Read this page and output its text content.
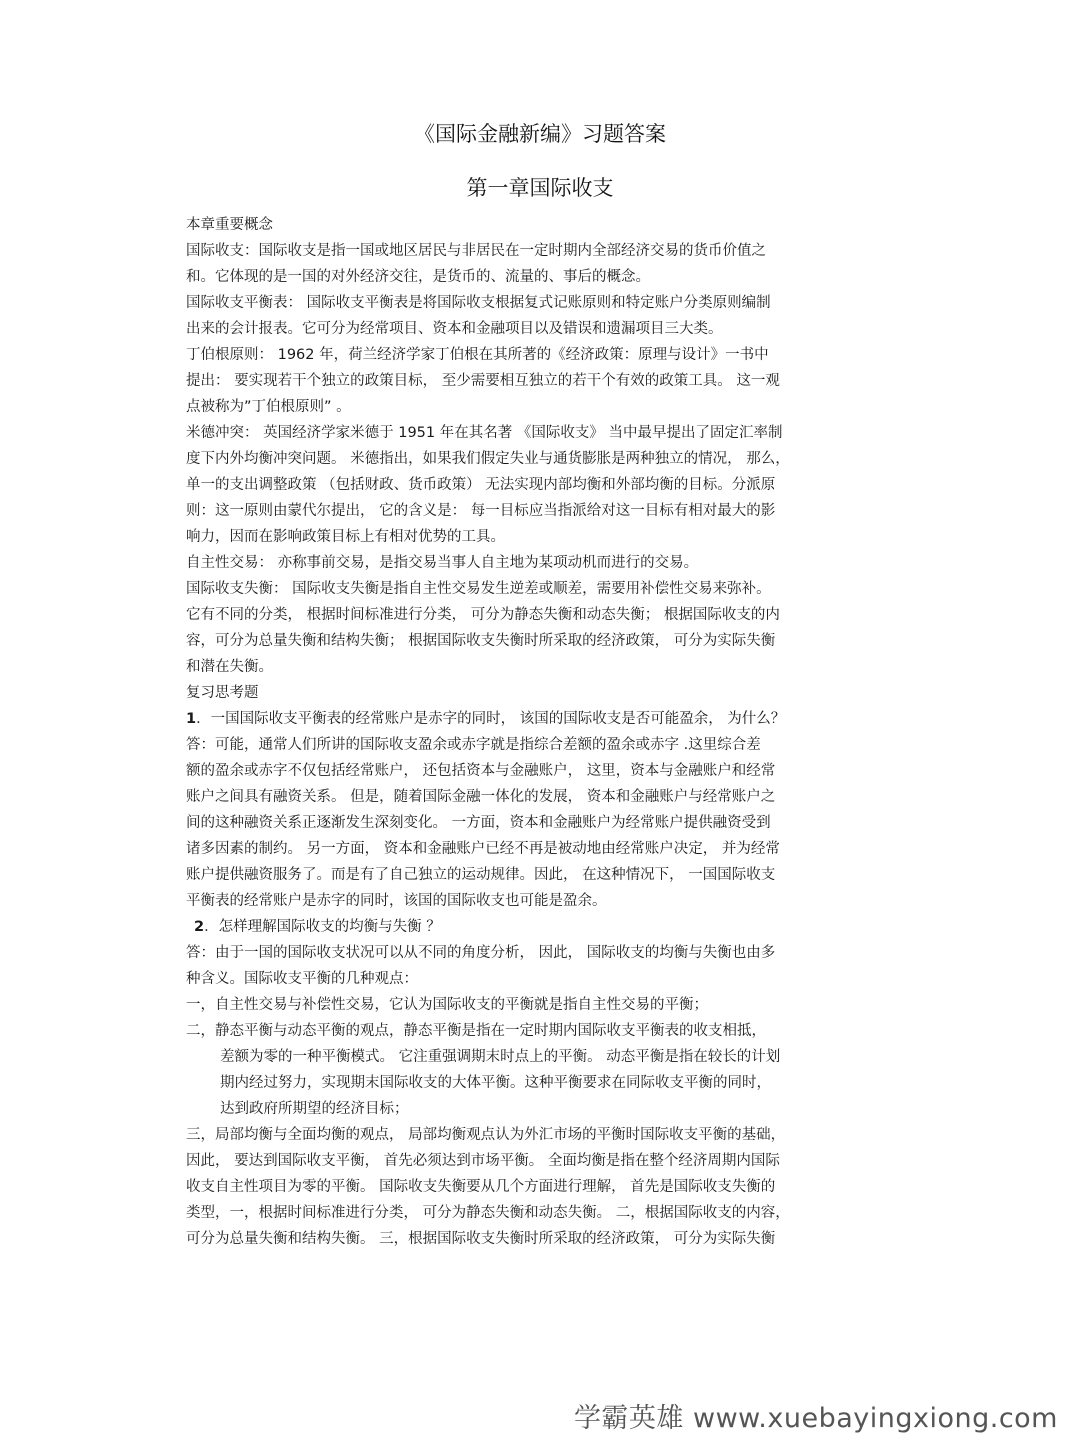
《国际金融新编》习题答案
第一章国际收支
本章重要概念
国际收支：国际收支是指一国或地区居民与非居民在一定时期内全部经济交易的货币价值之
和。它体现的是一国的对外经济交往，是货币的、流量的、事后的概念。
国际收支平衡表： 国际收支平衡表是将国际收支根据复式记账原则和特定账户分类原则编制
出来的会计报表。它可分为经常项目、资本和金融项目以及错误和遗漏项目三大类。
丁伯根原则： 1962 年，荷兰经济学家丁伯根在其所著的《经济政策：原理与设计》一书中
提出： 要实现若干个独立的政策目标， 至少需要相互独立的若干个有效的政策工具。 这一观
点被称为”丁伯根原则” 。
米德冲突： 英国经济学家米德于 1951 年在其名著 《国际收支》 当中最早提出了固定汇率制
度下内外均衡冲突问题。 米德指出，如果我们假定失业与通货膨胀是两种独立的情况， 那么，
单一的支出调整政策 （包括财政、货币政策） 无法实现内部均衡和外部均衡的目标。分派原
则：这一原则由蒙代尔提出， 它的含义是： 每一目标应当指派给对这一目标有相对最大的影
响力，因而在影响政策目标上有相对优势的工具。
自主性交易： 亦称事前交易，是指交易当事人自主地为某项动机而进行的交易。
国际收支失衡： 国际收支失衡是指自主性交易发生逆差或顺差，需要用补偿性交易来弥补。
它有不同的分类， 根据时间标准进行分类， 可分为静态失衡和动态失衡； 根据国际收支的内
容，可分为总量失衡和结构失衡； 根据国际收支失衡时所采取的经济政策， 可分为实际失衡
和潜在失衡。
复习思考题
1．一国国际收支平衡表的经常账户是赤字的同时， 该国的国际收支是否可能盈余， 为什么？
答：可能，通常人们所讲的国际收支盈余或赤字就是指综合差额的盈余或赤字 .这里综合差
额的盈余或赤字不仅包括经常账户， 还包括资本与金融账户， 这里，资本与金融账户和经常
账户之间具有融资关系。 但是，随着国际金融一体化的发展， 资本和金融账户与经常账户之
间的这种融资关系正逐渐发生深刻变化。 一方面，资本和金融账户为经常账户提供融资受到
诸多因素的制约。 另一方面， 资本和金融账户已经不再是被动地由经常账户决定， 并为经常
账户提供融资服务了。而是有了自己独立的运动规律。因此， 在这种情况下， 一国国际收支
平衡表的经常账户是赤字的同时，该国的国际收支也可能是盈余。
2．怎样理解国际收支的均衡与失衡 ？
答：由于一国的国际收支状况可以从不同的角度分析， 因此， 国际收支的均衡与失衡也由多
种含义。国际收支平衡的几种观点：
一，自主性交易与补偿性交易，它认为国际收支的平衡就是指自主性交易的平衡；
二，静态平衡与动态平衡的观点，静态平衡是指在一定时期内国际收支平衡表的收支相抵，
差额为零的一种平衡模式。 它注重强调期末时点上的平衡。 动态平衡是指在较长的计划
期内经过努力，实现期末国际收支的大体平衡。这种平衡要求在同际收支平衡的同时，
达到政府所期望的经济目标；
三，局部均衡与全面均衡的观点， 局部均衡观点认为外汇市场的平衡时国际收支平衡的基础，
因此， 要达到国际收支平衡， 首先必须达到市场平衡。 全面均衡是指在整个经济周期内国际
收支自主性项目为零的平衡。 国际收支失衡要从几个方面进行理解， 首先是国际收支失衡的
类型，一，根据时间标准进行分类， 可分为静态失衡和动态失衡。 二，根据国际收支的内容，
可分为总量失衡和结构失衡。 三，根据国际收支失衡时所采取的经济政策， 可分为实际失衡
学霸英雄 www.xuebayingxiong.com
